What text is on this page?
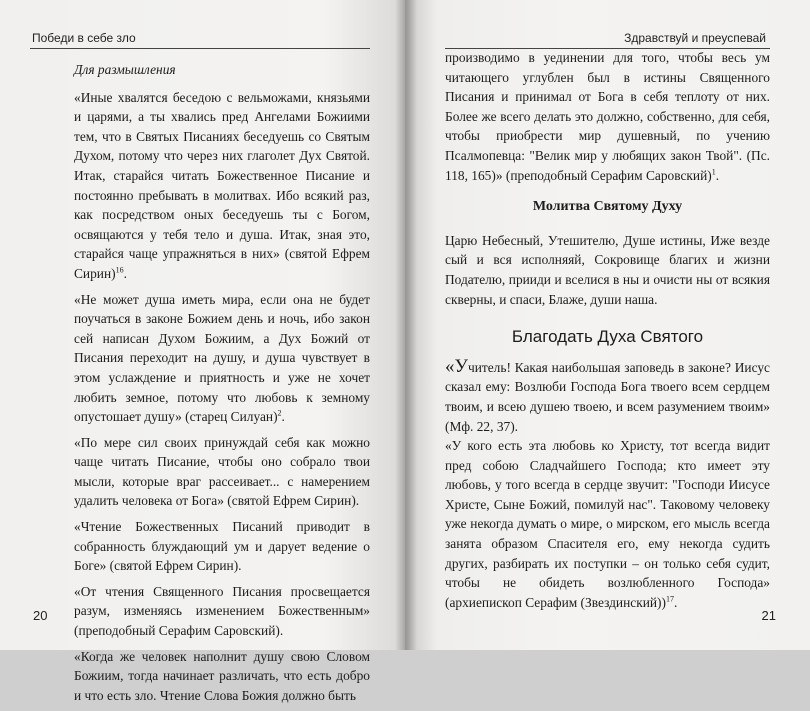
Победи в себе зло

Для размышления

«Иные хвалятся беседою с вельможами, князьями и царями, а ты хвались пред Ангелами Божиими тем, что в Святых Писаниях беседуешь со Святым Духом, потому что через них глаголет Дух Святой. Итак, старайся читать Божественное Писание и постоянно пребывать в молитвах. Ибо всякий раз, как посредством оных беседуешь ты с Богом, освящаются у тебя тело и душа. Итак, зная это, старайся чаще упражняться в них» (святой Ефрем Сирин)$^{16}$.

«Не может душа иметь мира, если она не будет поучаться в законе Божием день и ночь, ибо закон сей написан Духом Божиим, а Дух Божий от Писания переходит на душу, и душа чувствует в этом услаждение и приятность и уже не хочет любить земное, потому что любовь к земному опустошает душу» (старец Силуан)$^2$.

«По мере сил своих принуждай себя как можно чаще читать Писание, чтобы оно собрало твои мысли, которые враг рассеивает... с намерением удалить человека от Бога» (святой Ефрем Сирин).

«Чтение Божественных Писаний приводит в собранность блуждающий ум и дарует ведение о Боге» (святой Ефрем Сирин).

«От чтения Священного Писания просвещается разум, изменяясь изменением Божественным» (преподобный Серафим Саровский).

«Когда же человек наполнит душу свою Словом Божиим, тогда начинает различать, что есть добро и что есть зло. Чтение Слова Божия должно быть

20
Здравствуй и преуспевай

производимо в уединении для того, чтобы весь ум читающего углублен был в истины Священного Писания и принимал от Бога в себя теплоту от них. Более же всего делать это должно, собственно, для себя, чтобы приобрести мир душевный, по учению Псалмопевца: "Велик мир у любящих закон Твой". (Пс. 118, 165)» (преподобный Серафим Саровский)$^1$.

Молитва Святому Духу

Царю Небесный, Утешителю, Душе истины, Иже везде сый и вся исполняяй, Сокровище благих и жизни Подателю, прииди и вселися в ны и очисти ны от всякия скверны, и спаси, Блаже, души наша.

Благодать Духа Святого

«Учитель! Какая наибольшая заповедь в законе? Иисус сказал ему: Возлюби Господа Бога твоего всем сердцем твоим, и всею душею твоею, и всем разумением твоим» (Мф. 22, 37).

«У кого есть эта любовь ко Христу, тот всегда видит пред собою Сладчайшего Господа; кто имеет эту любовь, у того всегда в сердце звучит: "Господи Иисусе Христе, Сыне Божий, помилуй нас". Таковому человеку уже некогда думать о мире, о мирском, его мысль всегда занята образом Спасителя его, ему некогда судить других, разбирать их поступки – он только себя судит, чтобы не обидеть возлюбленного Господа» (архиепископ Серафим (Звездинский))$^{17}$.

21
